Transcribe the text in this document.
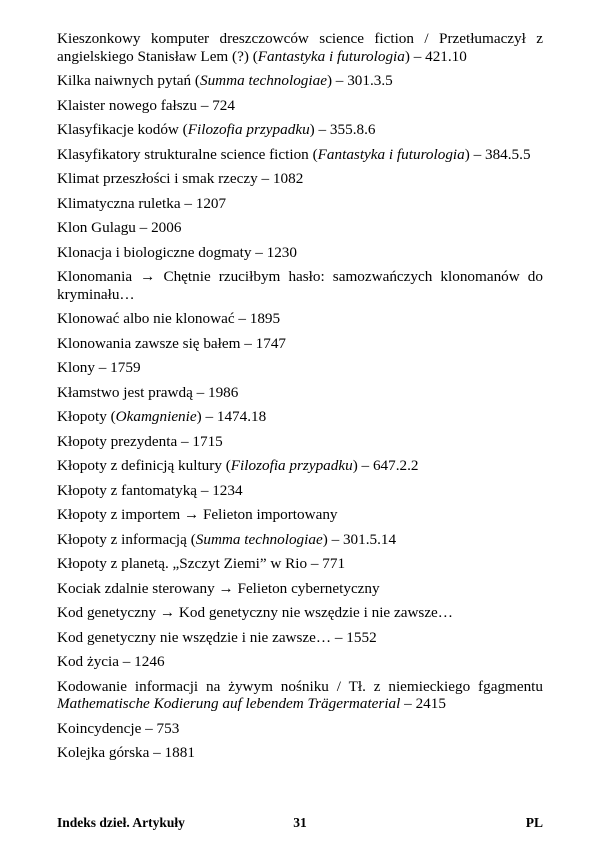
Kieszonkowy komputer dreszczowców science fiction / Przetłumaczył z angielskiego Stanisław Lem (?) (Fantastyka i futurologia) – 421.10
Kilka naiwnych pytań (Summa technologiae) – 301.3.5
Klaister nowego fałszu – 724
Klasyfikacje kodów (Filozofia przypadku) – 355.8.6
Klasyfikatory strukturalne science fiction (Fantastyka i futurologia) – 384.5.5
Klimat przeszłości i smak rzeczy – 1082
Klimatyczna ruletka – 1207
Klon Gulagu – 2006
Klonacja i biologiczne dogmaty – 1230
Klonomania → Chętnie rzuciłbym hasło: samozwańczych klonomanów do kryminału…
Klonować albo nie klonować – 1895
Klonowania zawsze się bałem – 1747
Klony – 1759
Kłamstwo jest prawdą – 1986
Kłopoty (Okamgnienie) – 1474.18
Kłopoty prezydenta – 1715
Kłopoty z definicją kultury (Filozofia przypadku) – 647.2.2
Kłopoty z fantomatyką – 1234
Kłopoty z importem → Felieton importowany
Kłopoty z informacją (Summa technologiae) – 301.5.14
Kłopoty z planetą. „Szczyt Ziemi” w Rio – 771
Kociak zdalnie sterowany → Felieton cybernetyczny
Kod genetyczny → Kod genetyczny nie wszędzie i nie zawsze…
Kod genetyczny nie wszędzie i nie zawsze… – 1552
Kod życia – 1246
Kodowanie informacji na żywym nośniku / Tł. z niemieckiego fgagmentu Mathematische Kodierung auf lebendem Trägermaterial – 2415
Koincydencje – 753
Kolejka górska – 1881
Indeks dzieł. Artykuły	31	PL
